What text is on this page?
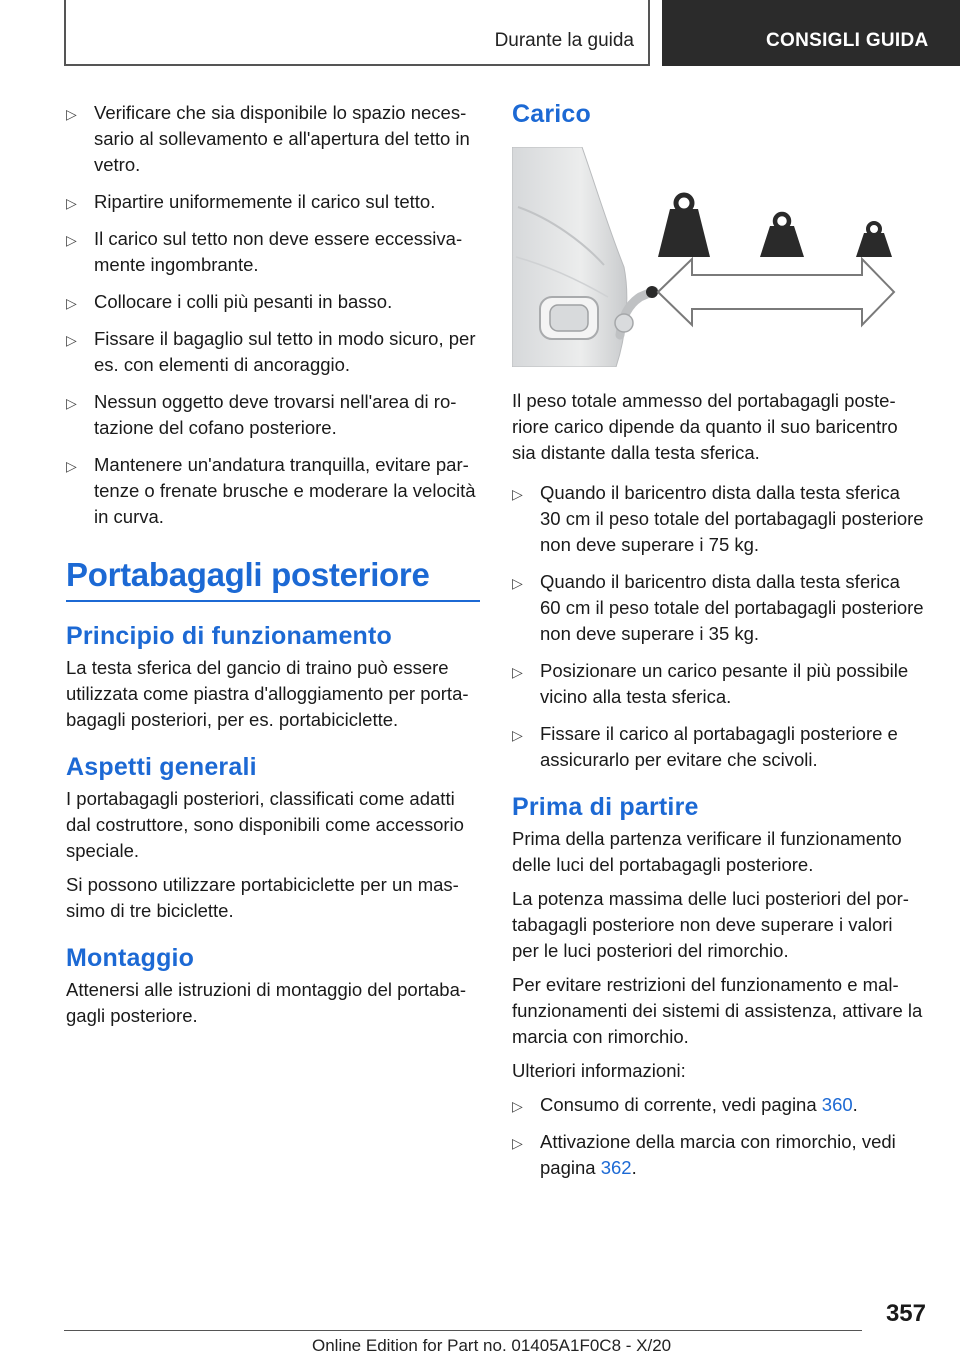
Durante la guida	CONSIGLI GUIDA
▷ Verificare che sia disponibile lo spazio necessario al sollevamento e all'apertura del tetto in vetro.
▷ Ripartire uniformemente il carico sul tetto.
▷ Il carico sul tetto non deve essere eccessivamente ingombrante.
▷ Collocare i colli più pesanti in basso.
▷ Fissare il bagaglio sul tetto in modo sicuro, per es. con elementi di ancoraggio.
▷ Nessun oggetto deve trovarsi nell'area di rotazione del cofano posteriore.
▷ Mantenere un'andatura tranquilla, evitare partenze o frenate brusche e moderare la velocità in curva.
Portabagagli posteriore
Principio di funzionamento

La testa sferica del gancio di traino può essere utilizzata come piastra d'alloggiamento per portabagagli posteriori, per es. portabiciclette.

Aspetti generali

I portabagagli posteriori, classificati come adatti dal costruttore, sono disponibili come accessorio speciale.

Si possono utilizzare portabiciclette per un massimo di tre biciclette.

Montaggio

Attenersi alle istruzioni di montaggio del portabagagli posteriore.

Carico

Il peso totale ammesso del portabagagli posteriore carico dipende da quanto il suo baricentro sia distante dalla testa sferica.

▷ Quando il baricentro dista dalla testa sferica 30 cm il peso totale del portabagagli posteriore non deve superare i 75 kg.
▷ Quando il baricentro dista dalla testa sferica 60 cm il peso totale del portabagagli posteriore non deve superare i 35 kg.
▷ Posizionare un carico pesante il più possibile vicino alla testa sferica.
▷ Fissare il carico al portabagagli posteriore e assicurarlo per evitare che scivoli.
Prima di partire

Prima della partenza verificare il funzionamento delle luci del portabagagli posteriore.

La potenza massima delle luci posteriori del portabagagli posteriore non deve superare i valori per le luci posteriori del rimorchio.

Per evitare restrizioni del funzionamento e malfunzionamenti dei sistemi di assistenza, attivare la marcia con rimorchio.

Ulteriori informazioni:

▷ Consumo di corrente, vedi pagina 360.
▷ Attivazione della marcia con rimorchio, vedi pagina 362.
357
Online Edition for Part no. 01405A1F0C8 - X/20
